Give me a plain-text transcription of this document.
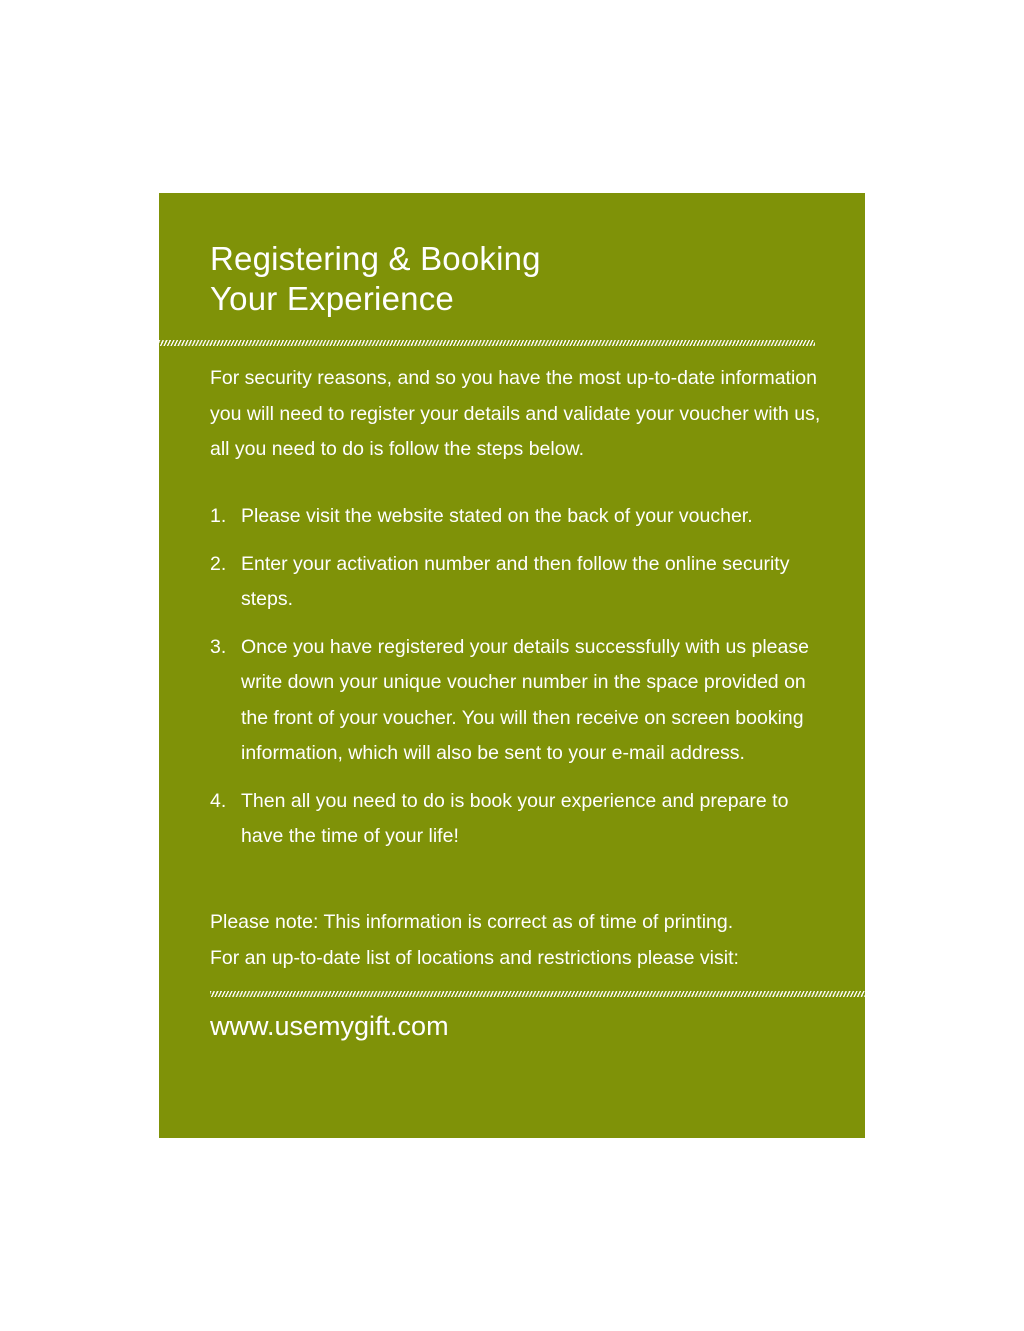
Registering & Booking
Your Experience

For security reasons, and so you have the most up-to-date information you will need to register your details and validate your voucher with us, all you need to do is follow the steps below.

1. Please visit the website stated on the back of your voucher.
2. Enter your activation number and then follow the online security steps.
3. Once you have registered your details successfully with us please write down your unique voucher number in the space provided on the front of your voucher. You will then receive on screen booking information, which will also be sent to your e-mail address.
4. Then all you need to do is book your experience and prepare to have the time of your life!

Please note: This information is correct as of time of printing.
For an up-to-date list of locations and restrictions please visit:

www.usemygift.com
